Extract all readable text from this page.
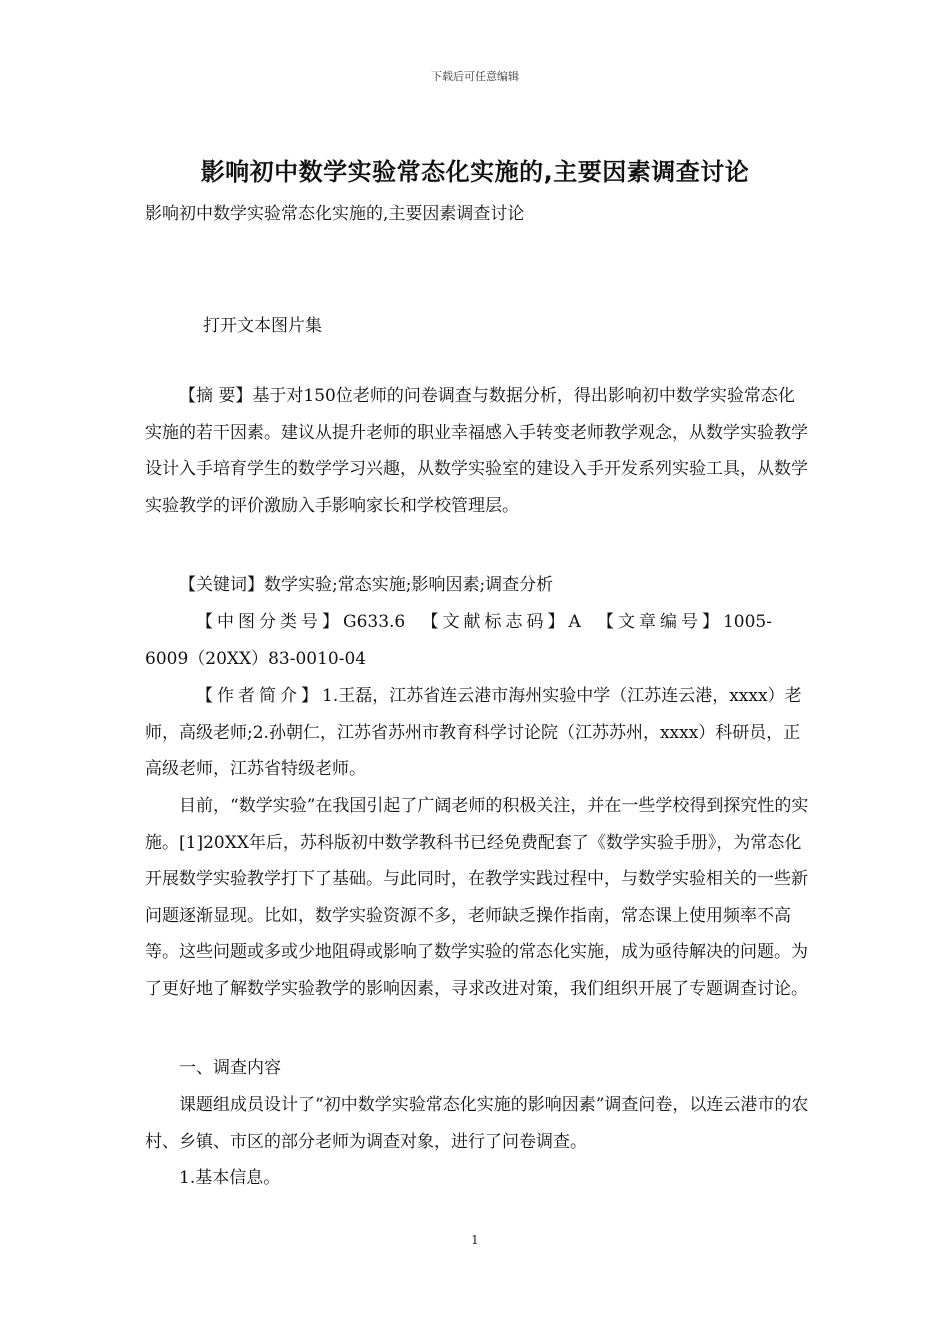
下载后可任意编辑
影响初中数学实验常态化实施的,主要因素调查讨论

影响初中数学实验常态化实施的,主要因素调查讨论

打开文本图片集

【摘 要】基于对150位老师的问卷调查与数据分析，得出影响初中数学实验常态化实施的若干因素。建议从提升老师的职业幸福感入手转变老师教学观念，从数学实验教学设计入手培育学生的数学学习兴趣，从数学实验室的建设入手开发系列实验工具，从数学实验教学的评价激励入手影响家长和学校管理层。

【关键词】数学实验;常态实施;影响因素;调查分析

【中图分类号】G633.6 【文献标志码】A 【文章编号】1005-6009（20XX）83-0010-04

【作者简介】1.王磊，江苏省连云港市海州实验中学（江苏连云港，xxxx）老师，高级老师;2.孙朝仁，江苏省苏州市教育科学讨论院（江苏苏州，xxxx）科研员，正高级老师，江苏省特级老师。

目前，“数学实验”在我国引起了广阔老师的积极关注，并在一些学校得到探究性的实施。[1]20XX年后，苏科版初中数学教科书已经免费配套了《数学实验手册》，为常态化开展数学实验教学打下了基础。与此同时，在教学实践过程中，与数学实验相关的一些新问题逐渐显现。比如，数学实验资源不多，老师缺乏操作指南，常态课上使用频率不高等。这些问题或多或少地阻碍或影响了数学实验的常态化实施，成为亟待解决的问题。为了更好地了解数学实验教学的影响因素，寻求改进对策，我们组织开展了专题调查讨论。

一、调查内容

课题组成员设计了“初中数学实验常态化实施的影响因素”调查问卷，以连云港市的农村、乡镇、市区的部分老师为调查对象，进行了问卷调查。

1.基本信息。

1
